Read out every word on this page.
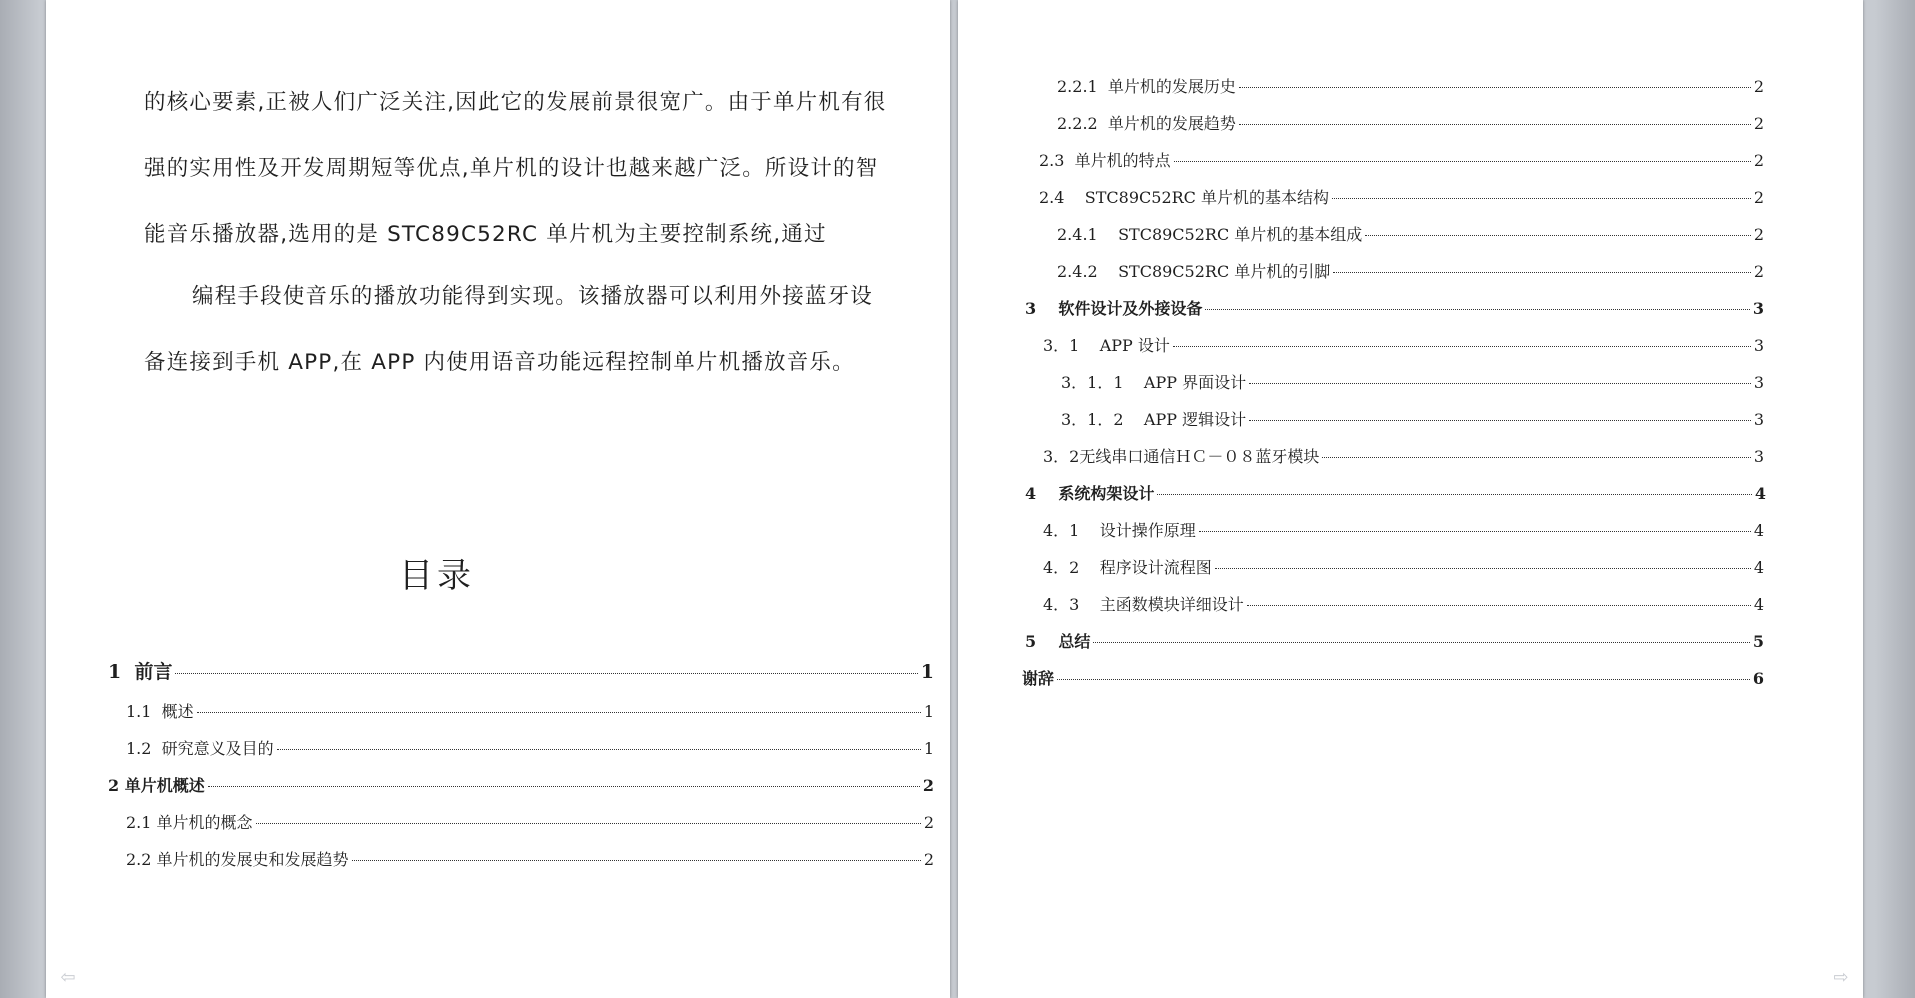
的核心要素,正被人们广泛关注,因此它的发展前景很宽广。由于单片机有很
强的实用性及开发周期短等优点,单片机的设计也越来越广泛。所设计的智
能音乐播放器,选用的是 STC89C52RC 单片机为主要控制系统,通过
编程手段使音乐的播放功能得到实现。该播放器可以利用外接蓝牙设
备连接到手机 APP,在 APP 内使用语音功能远程控制单片机播放音乐。
目录
1 前言	1
1.1 概述	1
1.2 研究意义及目的	1
2 单片机概述	2
2.1 单片机的概念	2
2.2 单片机的发展史和发展趋势	2
⇦
2.2.1 单片机的发展历史	2
2.2.2 单片机的发展趋势	2
2.3 单片机的特点	2
2.4 STC89C52RC 单片机的基本结构	2
2.4.1 STC89C52RC 单片机的基本组成	2
2.4.2 STC89C52RC 单片机的引脚	2
3 软件设计及外接设备	3
3．1 APP 设计	3
3．1．1 APP 界面设计	3
3．1．2 APP 逻辑设计	3
3．2 无线串口通信ＨＣ－０８蓝牙模块	3
4 系统构架设计	4
4．1 设计操作原理	4
4．2 程序设计流程图	4
4．3 主函数模块详细设计	4
5 总结	5
谢辞	6
⇨
